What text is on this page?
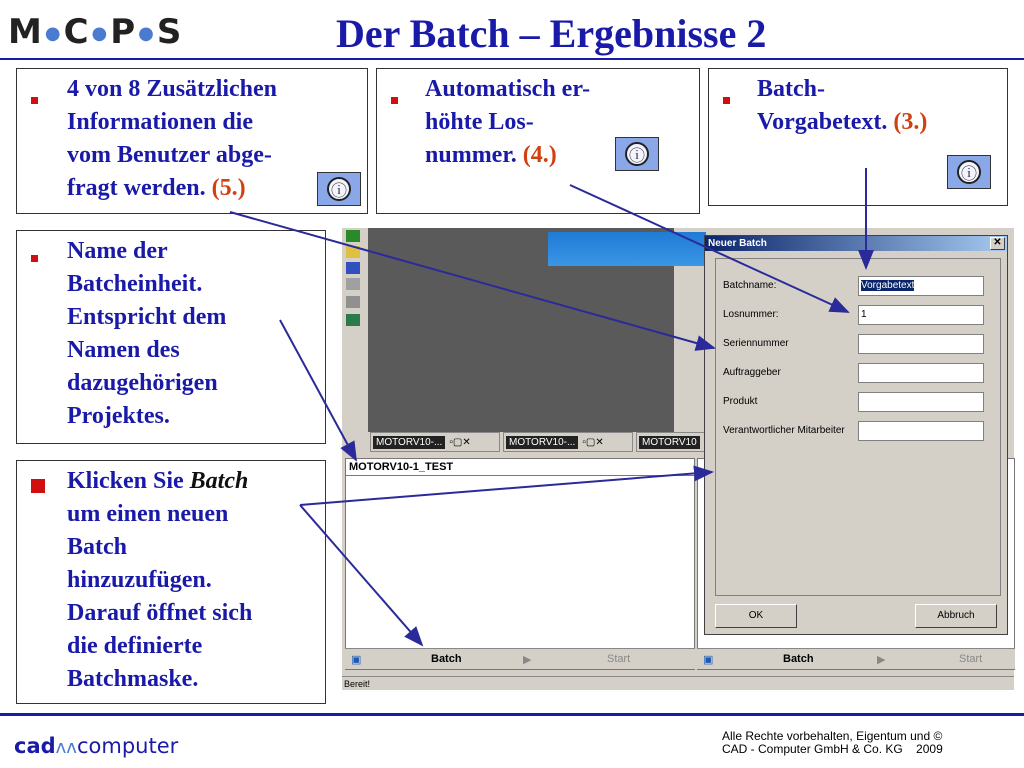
M ●C ●P ●S	Der Batch – Ergebnisse 2
4 von 8 Zusätzlichen
Informationen die
vom Benutzer abge-
fragt werden. (5.)	ⓘ
Automatisch er-
höhte Los-
nummer. (4.)	ⓘ
Batch-
Vorgabetext. (3.)
ⓘ
Name der
Batcheinheit.
Entspricht dem
Namen des
dazugehörigen
Projektes.
Klicken Sie Batch
um einen neuen
Batch
hinzuzufügen.
Darauf öffnet sich
die definierte
Batchmaske.
MOTORV10-... ▫▢✕	MOTORV10-... ▫▢✕	MOTORV10
MOTORV10-1_TEST
▣	Batch	▶	Start	▣	Batch	▶	Start
Bereit!
Neuer Batch	✕
Batchname:	Vorgabetext
Losnummer:	1
Seriennummer
Auftraggeber
Produkt
Verantwortlicher Mitarbeiter
OK	Abbruch
cadᴧᴧcomputer	Alle Rechte vorbehalten, Eigentum und ©
CAD - Computer GmbH & Co. KG    2009
